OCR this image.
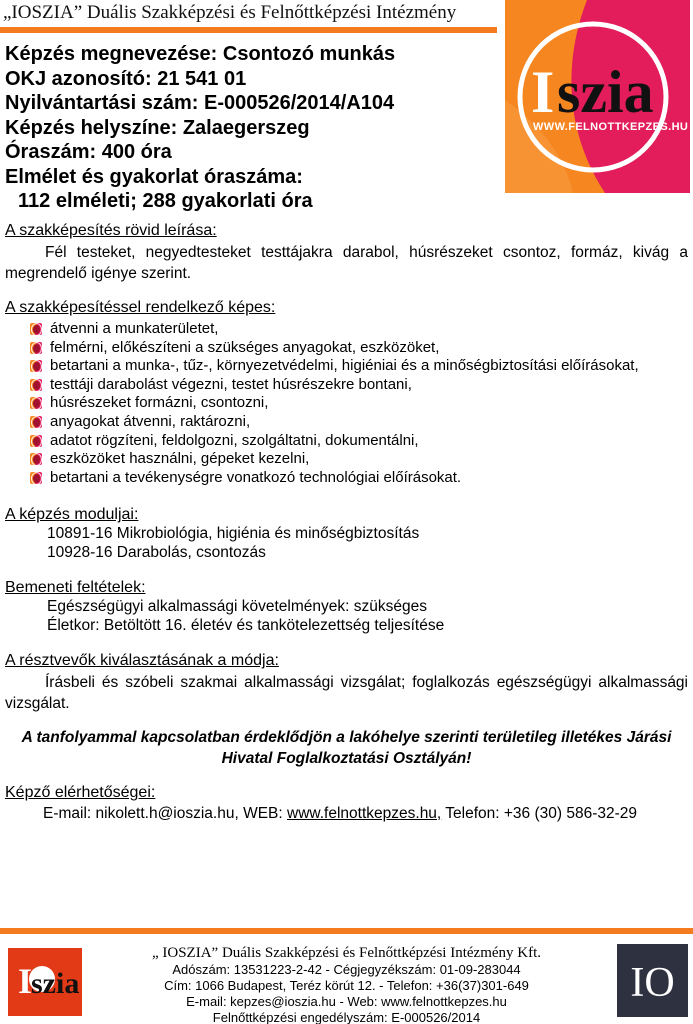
„IOSZIA” Duális Szakképzési és Felnőttképzési Intézmény
I szia
WWW.FELNOTTKEPZES.HU
Képzés megnevezése: Csontozó munkás
OKJ azonosító: 21 541 01
Nyilvántartási szám: E-000526/2014/A104
Képzés helyszíne: Zalaegerszeg
Óraszám: 400 óra
Elmélet és gyakorlat óraszáma:
112 elméleti; 288 gyakorlati óra
A szakképesítés rövid leírása:

Fél testeket, negyedtesteket testtájakra darabol, húsrészeket csontoz, formáz, kivág a megrendelő igénye szerint.

A szakképesítéssel rendelkező képes:
átvenni a munkaterületet,
felmérni, előkészíteni a szükséges anyagokat, eszközöket,
betartani a munka-, tűz-, környezetvédelmi, higiéniai és a minőségbiztosítási előírásokat,
testtáji darabolást végezni, testet húsrészekre bontani,
húsrészeket formázni, csontozni,
anyagokat átvenni, raktározni,
adatot rögzíteni, feldolgozni, szolgáltatni, dokumentálni,
eszközöket használni, gépeket kezelni,
betartani a tevékenységre vonatkozó technológiai előírásokat.
A képzés moduljai:

10891-16 Mikrobiológia, higiénia és minőségbiztosítás

10928-16 Darabolás, csontozás

Bemeneti feltételek:

Egészségügyi alkalmassági követelmények: szükséges

Életkor: Betöltött 16. életév és tankötelezettség teljesítése

A résztvevők kiválasztásának a módja:

Írásbeli és szóbeli szakmai alkalmassági vizsgálat; foglalkozás egészségügyi alkalmassági vizsgálat.

A tanfolyammal kapcsolatban érdeklődjön a lakóhelye szerinti területileg illetékes Járási Hivatal Foglalkoztatási Osztályán!

Képző elérhetőségei:

E-mail: nikolett.h@ioszia.hu, WEB: www.felnottkepzes.hu, Telefon: +36 (30) 586-32-29

I
szia

„ IOSZIA” Duális Szakképzési és Felnőttképzési Intézmény Kft.

Adószám: 13531223-2-42 - Cégjegyzékszám: 01-09-283044

Cím: 1066 Budapest, Teréz körút 12. - Telefon: +36(37)301-649

E-mail: kepzes@ioszia.hu - Web: www.felnottkepzes.hu

Felnőttképzési engedélyszám: E-000526/2014

IO
